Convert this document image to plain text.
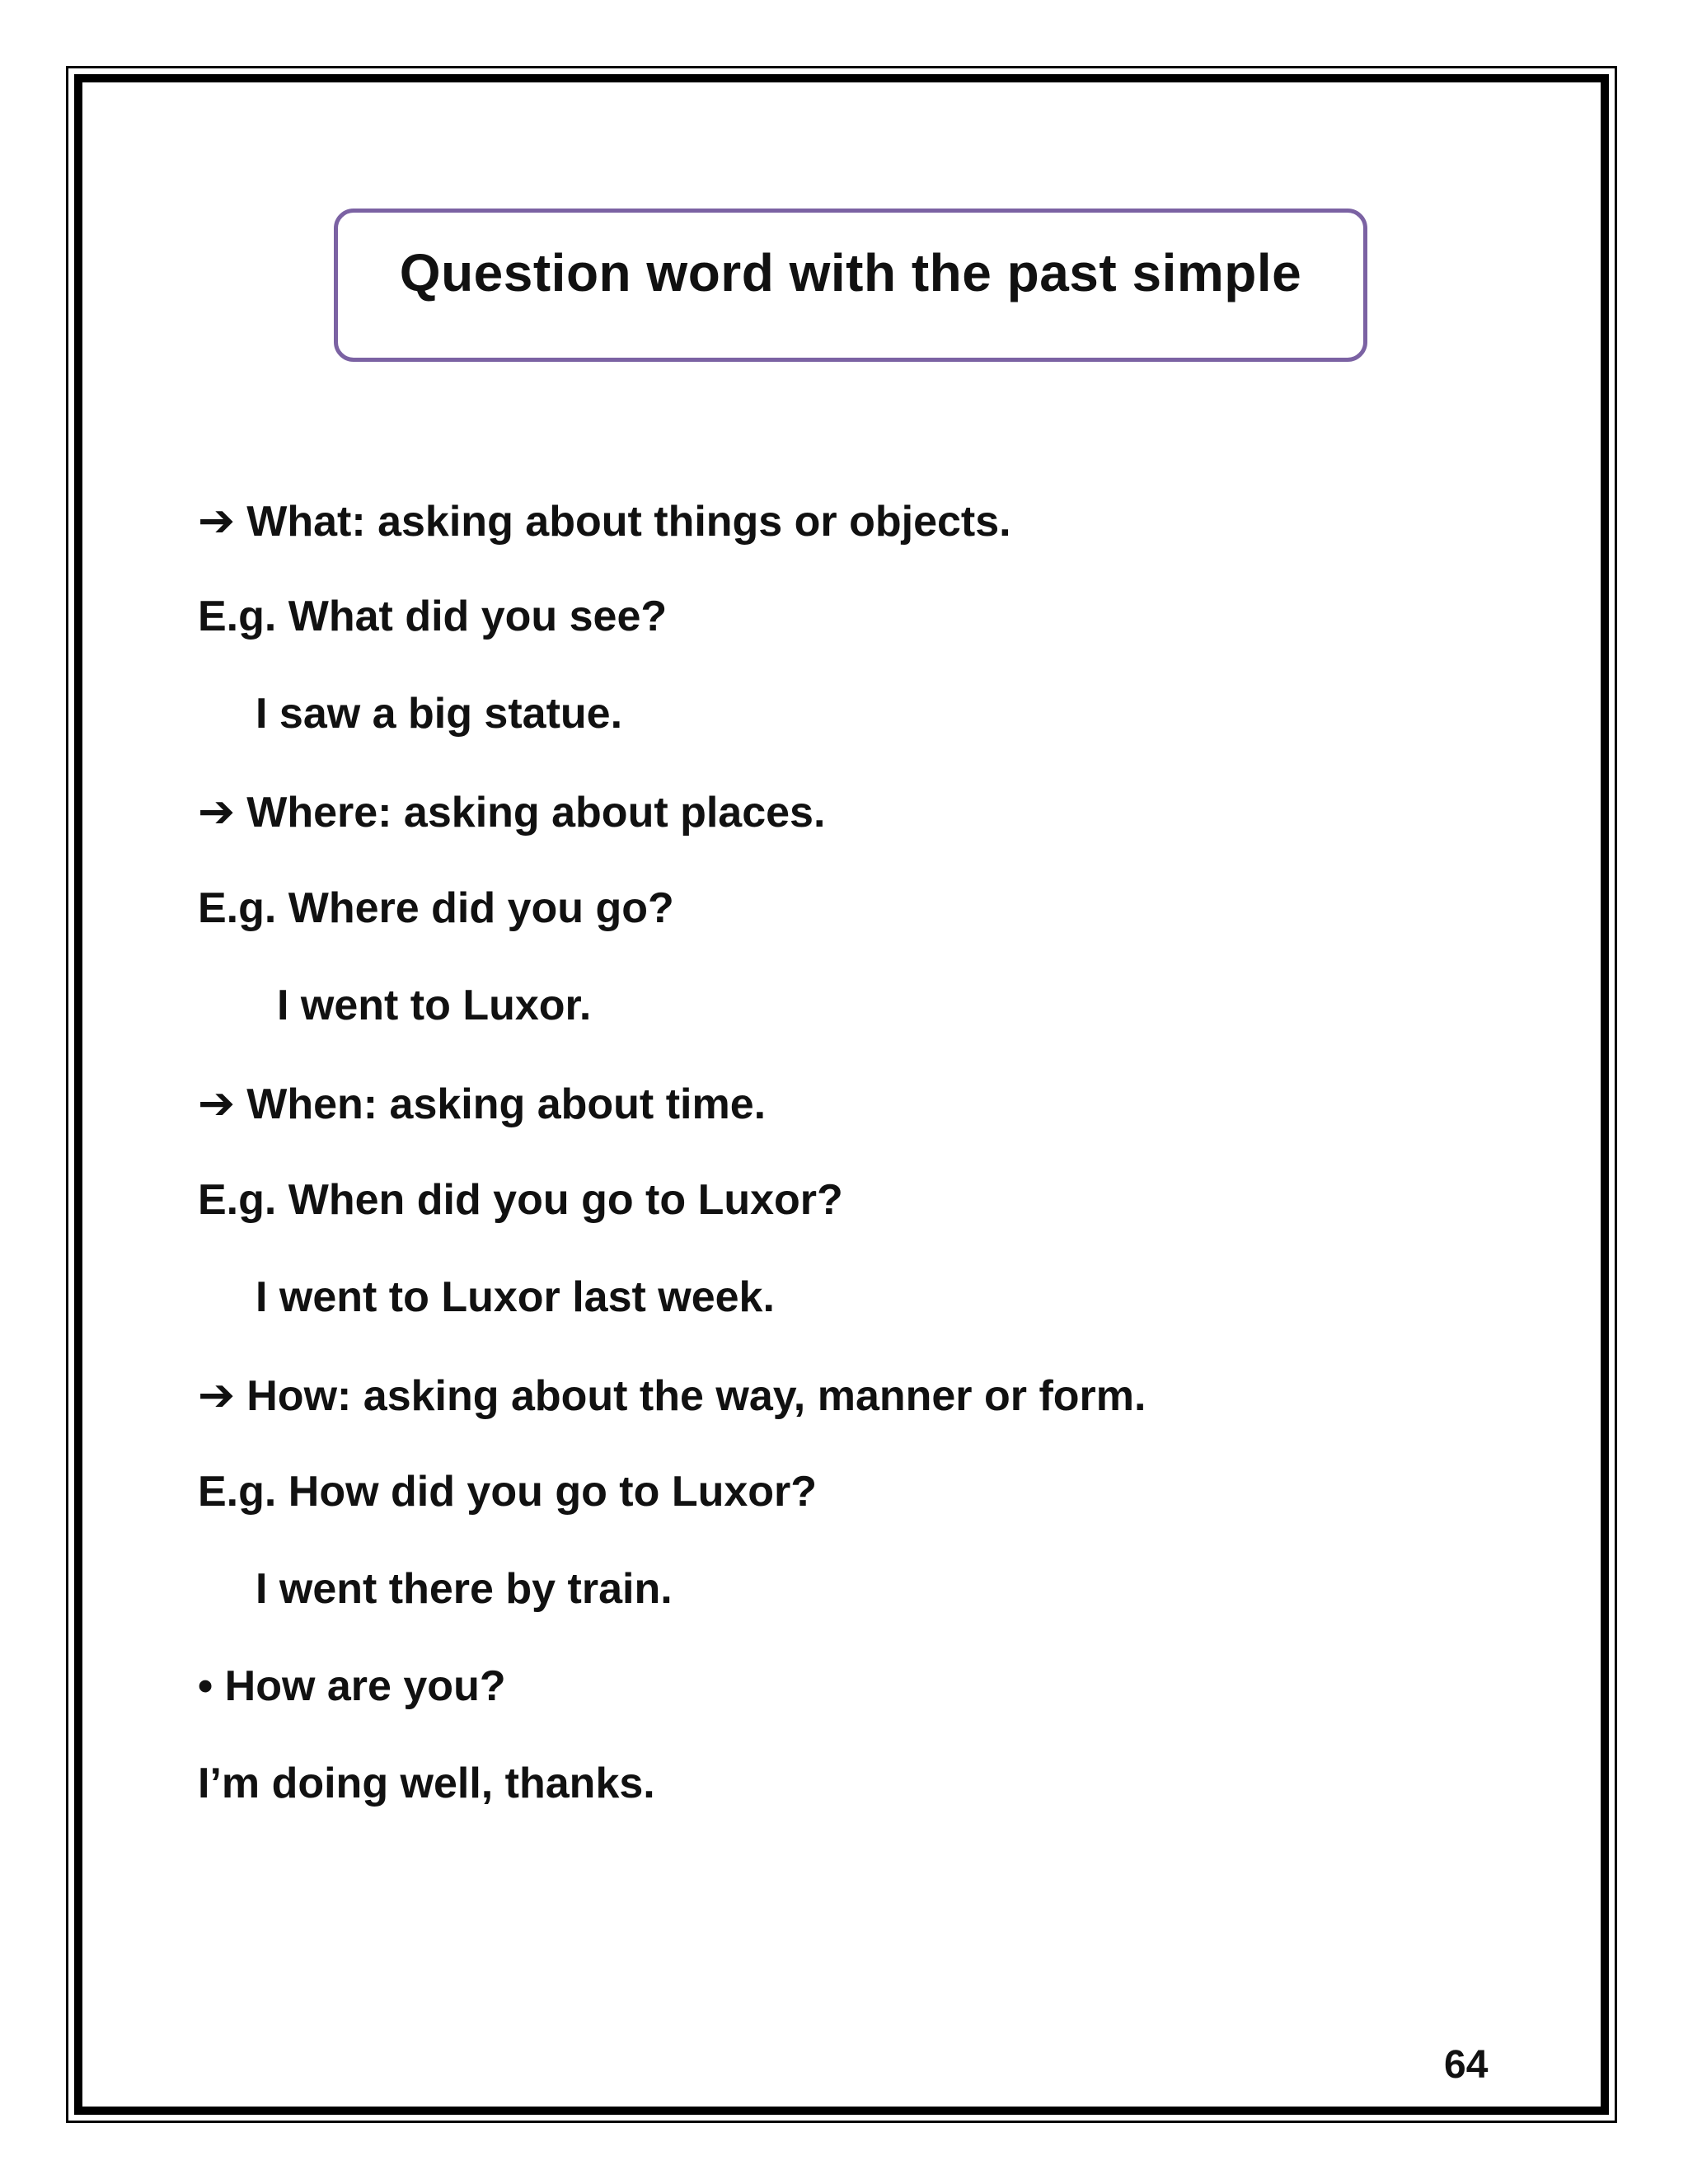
Question word with the past simple
➔ What: asking about things or objects.
E.g. What did you see?
I saw a big statue.
➔ Where: asking about places.
E.g. Where did you go?
I went to Luxor.
➔ When: asking about time.
E.g. When did you go to Luxor?
I went to Luxor last week.
➔ How: asking about the way, manner or form.
E.g. How did you go to Luxor?
I went there by train.
• How are you?
I’m doing well, thanks.
64
